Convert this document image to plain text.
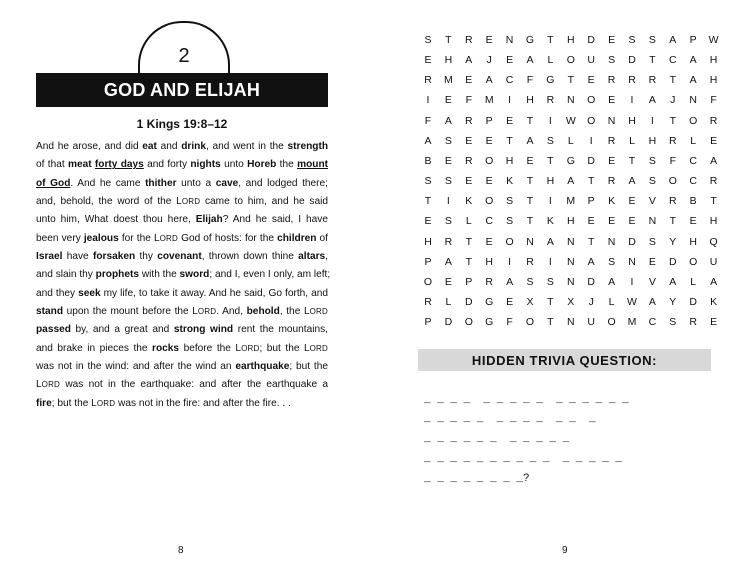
2
GOD AND ELIJAH
1 Kings 19:8–12
And he arose, and did eat and drink, and went in the strength
of that meat forty days and forty nights unto Horeb the mount
of God. And he came thither unto a cave, and lodged there;
and, behold, the word of the LORD came to him, and he said
unto him, What doest thou here, Elijah? And he said, I have
been very jealous for the LORD God of hosts: for the children of
Israel have forsaken thy covenant, thrown down thine altars,
and slain thy prophets with the sword; and I, even I only, am left;
and they seek my life, to take it away. And he said, Go forth, and
stand upon the mount before the LORD. And, behold, the LORD
passed by, and a great and strong wind rent the mountains,
and brake in pieces the rocks before the LORD; but the LORD
was not in the wind: and after the wind an earthquake; but the
LORD was not in the earthquake: and after the earthquake a
fire; but the LORD was not in the fire: and after the fire. . .
8
S	T	R	E	N	G	T	H	D	E	S	S	A	P	W
E	H	A	J	E	A	L	O	U	S	D	T	C	A	H
R	M	E	A	C	F	G	T	E	R	R	R	T	A	H
I	E	F	M	I	H	R	N	O	E	I	A	J	N	F
F	A	R	P	E	T	I	W O	N	H	I	T	O	R
A	S	E	E	T	A	S	L	I	R	L	H	R	L	E
B	E	R	O	H	E	T	G	D	E	T	S	F	C	A
S	S	E	E	K	T	H	A	T	R	A	S	O	C	R
T	I	K	O	S	T	I	M	P	K	E	V	R	B	T
E	S	L	C	S	T	K	H	E	E	E	N	T	E	H
H	R	T	E	O	N	A	N	T	N	D	S	Y	H	Q
P	A	T	H	I	R	I	N	A	S	N	E	D	O	U
O	E	P	R	A	S	S	N	D	A	I	V	A	L	A
R	L	D	G	E	X	T	X	J	L	W	A	Y	D	K
P	D	O G	F	O	T	N	U	O M	C	S	R	E
HIDDEN TRIVIA QUESTION:
_ _ _ _  _ _ _ _ _  _ _ _ _ _ _
_ _ _ _ _  _ _ _ _  _ _  _
_ _ _ _ _ _  _ _ _ _ _
_ _ _ _ _ _ _ _ _ _  _ _ _ _ _
_ _ _ _ _ _ _ _?
9
